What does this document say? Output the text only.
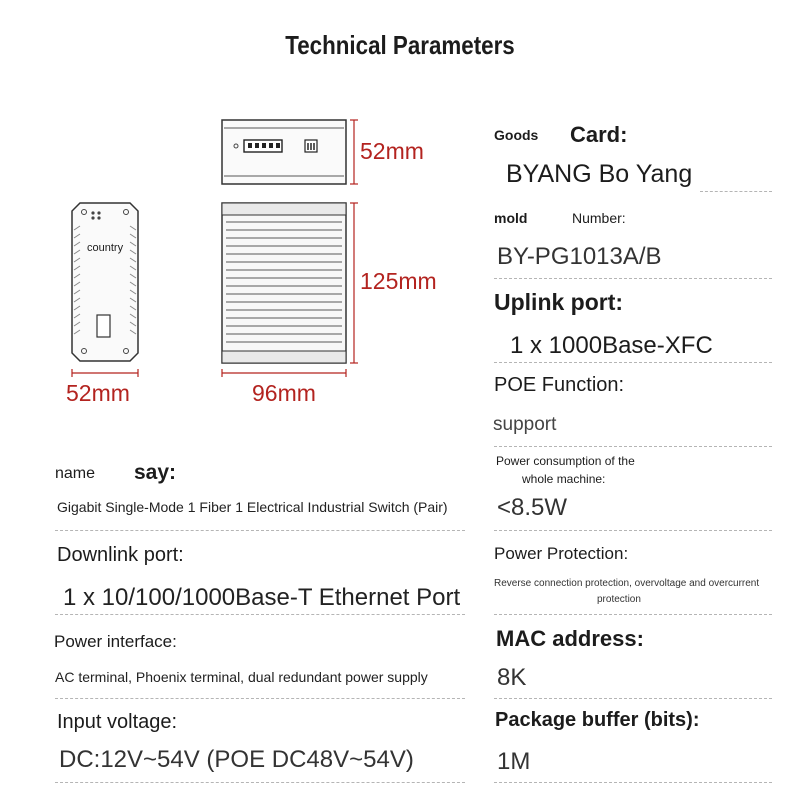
Technical Parameters
country
52mm
125mm
52mm	96mm
Goods Card:
BYANG Bo Yang
mold	Number:
BY-PG1013A/B
Uplink port:
1 x 1000Base-XFC
POE Function:
support
Power consumption of the
whole machine:
<8.5W
Power Protection:
Reverse connection protection, overvoltage and overcurrent
protection
MAC address:
8K
Package buffer (bits):
1M
name say:
Gigabit Single-Mode 1 Fiber 1 Electrical Industrial Switch (Pair)
Downlink port:
1 x 10/100/1000Base-T Ethernet Port
Power interface:
AC terminal, Phoenix terminal, dual redundant power supply
Input voltage:
DC:12V~54V (POE DC48V~54V)
